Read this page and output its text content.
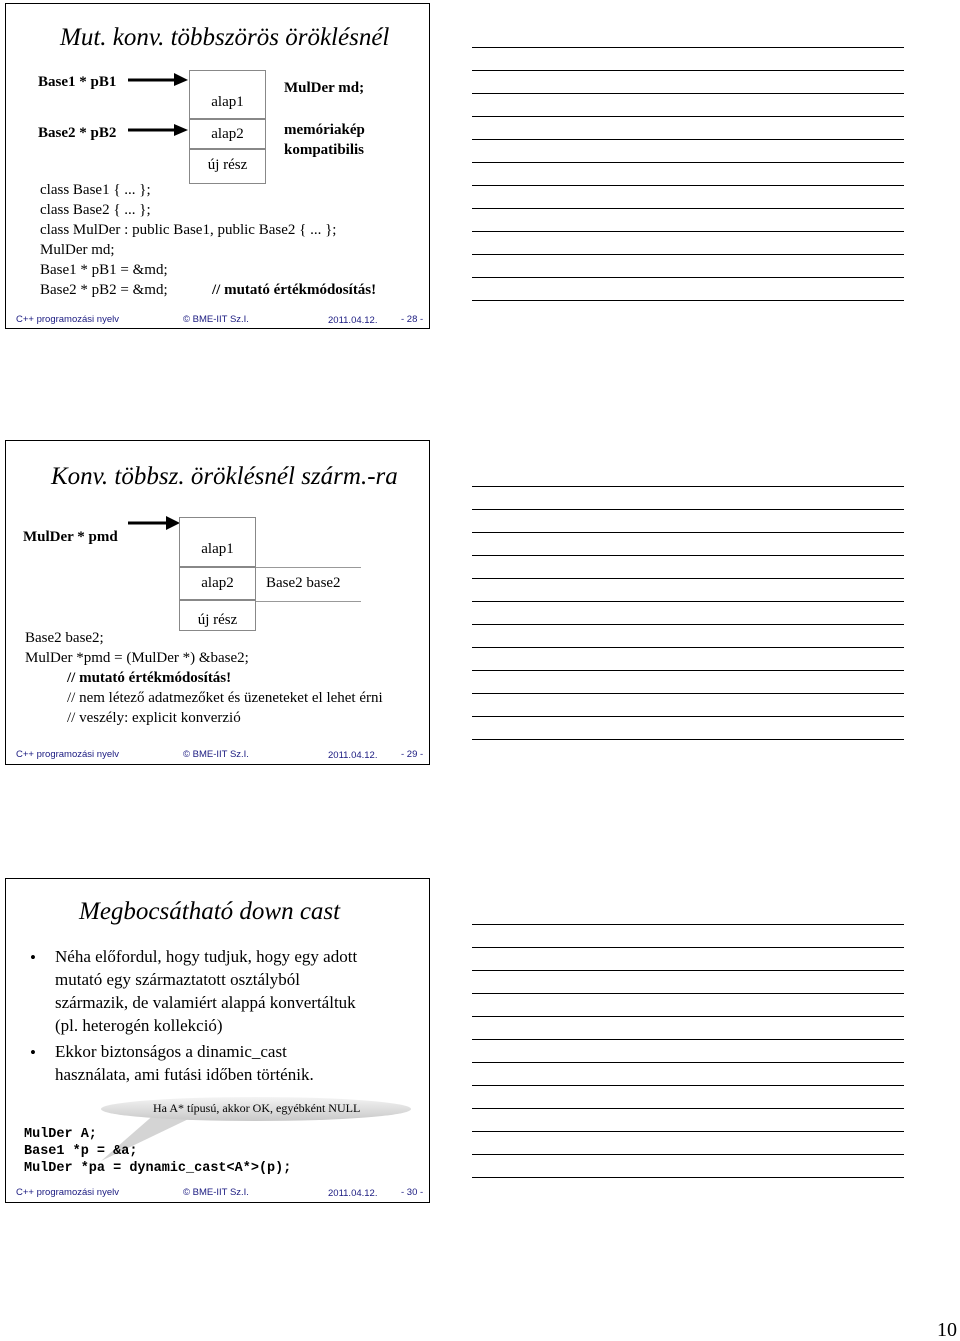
Mut. konv. többszörös öröklésnél
Base1 * pB1
Base2 * pB2
alap1
alap2
új rész
MulDer md;
memóriakép
kompatibilis
class Base1 { ... };
class Base2 { ... };
class MulDer : public Base1, public Base2 { ... };
MulDer md;
Base1 * pB1 = &md;
Base2 * pB2 = &md;	// mutató értékmódosítás!
C++ programozási nyelv	© BME-IIT Sz.I.	2011.04.12. - 28 -
Konv. többsz. öröklésnél szárm.-ra
MulDer * pmd
alap1
alap2
új rész
Base2 base2
Base2 base2;
MulDer *pmd = (MulDer *) &base2;
// mutató értékmódosítás!
// nem létező adatmezőket és üzeneteket el lehet érni
// veszély: explicit konverzió
C++ programozási nyelv	© BME-IIT Sz.I.	2011.04.12. - 29 -
Megbocsátható down cast
• Néha előfordul, hogy tudjuk, hogy egy adott
mutató egy származtatott osztályból
származik, de valamiért alappá konvertáltuk
(pl. heterogén kollekció)
• Ekkor biztonságos a dinamic_cast
használata, ami futási időben történik.
Ha A* típusú, akkor OK, egyébként NULL
MulDer A;
Base1 *p = &a;
MulDer *pa = dynamic_cast<A*>(p);
C++ programozási nyelv	© BME-IIT Sz.I.	2011.04.12. - 30 -
10
